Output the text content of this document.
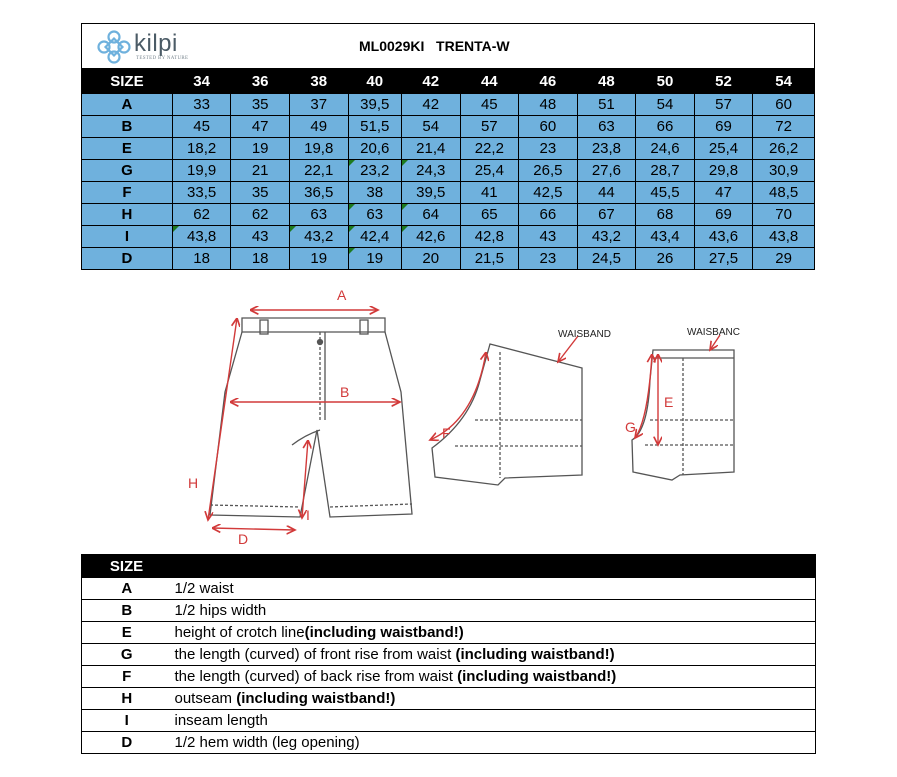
kilpi
TESTED BY NATURE
ML0029KI   TRENTA-W
SIZE	34	36	38	40	42	44	46	48	50	52	54
A	33	35	37	39,5	42	45	48	51	54	57	60
B	45	47	49	51,5	54	57	60	63	66	69	72
E	18,2	19	19,8	20,6	21,4	22,2	23	23,8	24,6	25,4	26,2
G	19,9	21	22,1	23,2	24,3	25,4	26,5	27,6	28,7	29,8	30,9
F	33,5	35	36,5	38	39,5	41	42,5	44	45,5	47	48,5
H	62	62	63	63	64	65	66	67	68	69	70
I	43,8	43	43,2	42,4	42,6	42,8	43	43,2	43,4	43,6	43,8
D	18	18	19	19	20	21,5	23	24,5	26	27,5	29
A
B
H
I
D
F
WAISBAND
E
G
WAISBANC
SIZE	
A	1/2 waist
B	1/2 hips width
E	height of crotch line(including waistband!)
G	the length (curved) of front rise from waist (including waistband!)
F	the length (curved) of back rise from waist (including waistband!)
H	outseam (including waistband!)
I	inseam length
D	1/2 hem width (leg opening)
